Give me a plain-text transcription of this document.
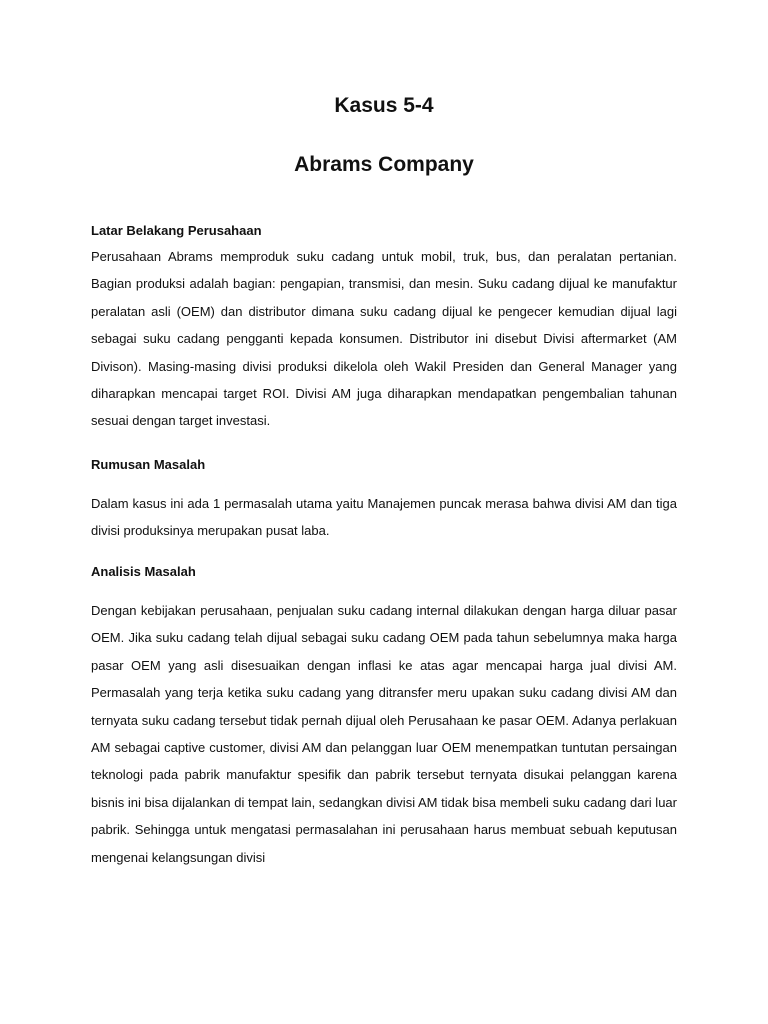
Kasus 5-4
Abrams Company
Latar Belakang Perusahaan

Perusahaan Abrams memproduk suku cadang untuk mobil, truk, bus, dan peralatan pertanian. Bagian produksi adalah bagian: pengapian, transmisi, dan mesin. Suku cadang dijual ke manufaktur peralatan asli (OEM) dan distributor dimana suku cadang dijual ke pengecer kemudian dijual lagi sebagai suku cadang pengganti kepada konsumen. Distributor ini disebut Divisi aftermarket (AM Divison). Masing-masing divisi produksi dikelola oleh Wakil Presiden dan General Manager yang diharapkan mencapai target ROI. Divisi AM juga diharapkan mendapatkan pengembalian tahunan sesuai dengan target investasi.

Rumusan Masalah

Dalam kasus ini ada 1 permasalah utama yaitu Manajemen puncak merasa bahwa divisi AM dan tiga divisi produksinya merupakan pusat laba.

Analisis Masalah

Dengan kebijakan perusahaan, penjualan suku cadang internal dilakukan dengan harga diluar pasar OEM. Jika suku cadang telah dijual sebagai suku cadang OEM pada tahun sebelumnya maka harga pasar OEM yang asli disesuaikan dengan inflasi ke atas agar mencapai harga jual divisi AM. Permasalah yang terja ketika suku cadang yang ditransfer meru upakan suku cadang divisi AM dan ternyata suku cadang tersebut tidak pernah dijual oleh Perusahaan ke pasar OEM. Adanya perlakuan AM sebagai captive customer, divisi AM dan pelanggan luar OEM menempatkan tuntutan persaingan teknologi pada pabrik manufaktur spesifik dan pabrik tersebut ternyata disukai pelanggan karena bisnis ini bisa dijalankan di tempat lain, sedangkan divisi AM tidak bisa membeli suku cadang dari luar pabrik. Sehingga untuk mengatasi permasalahan ini perusahaan harus membuat sebuah keputusan mengenai kelangsungan divisi
